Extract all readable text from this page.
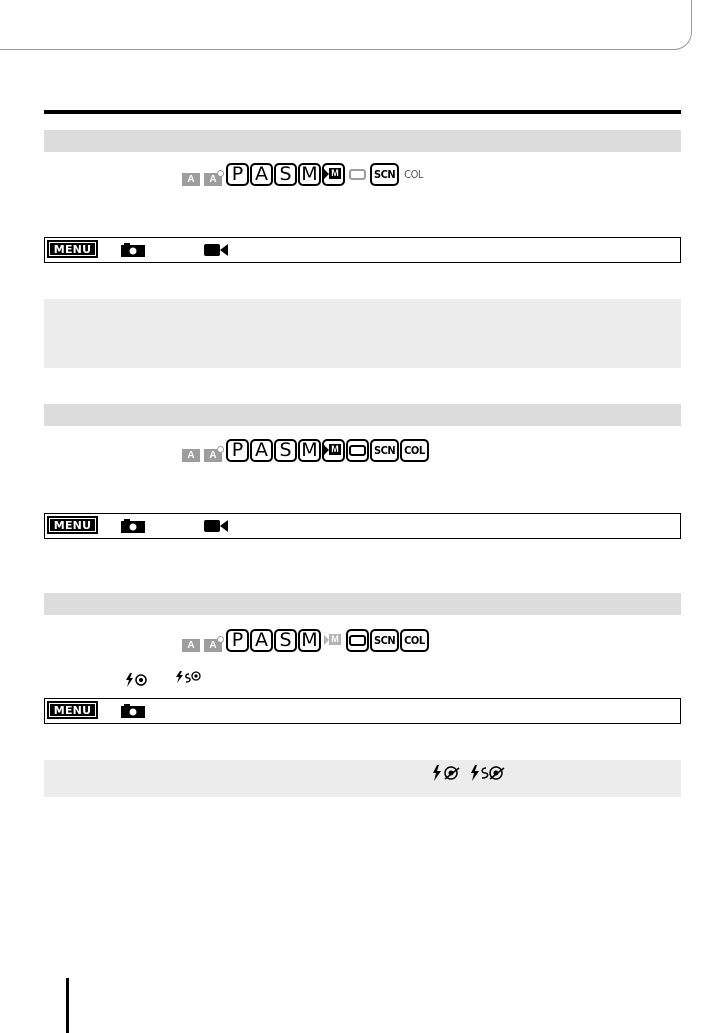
A	A P A S M	M	SCN COL
MENU
A	A P A S M	M	SCN COL
MENU
A	A P A S M	M	SCN COL
MENU
